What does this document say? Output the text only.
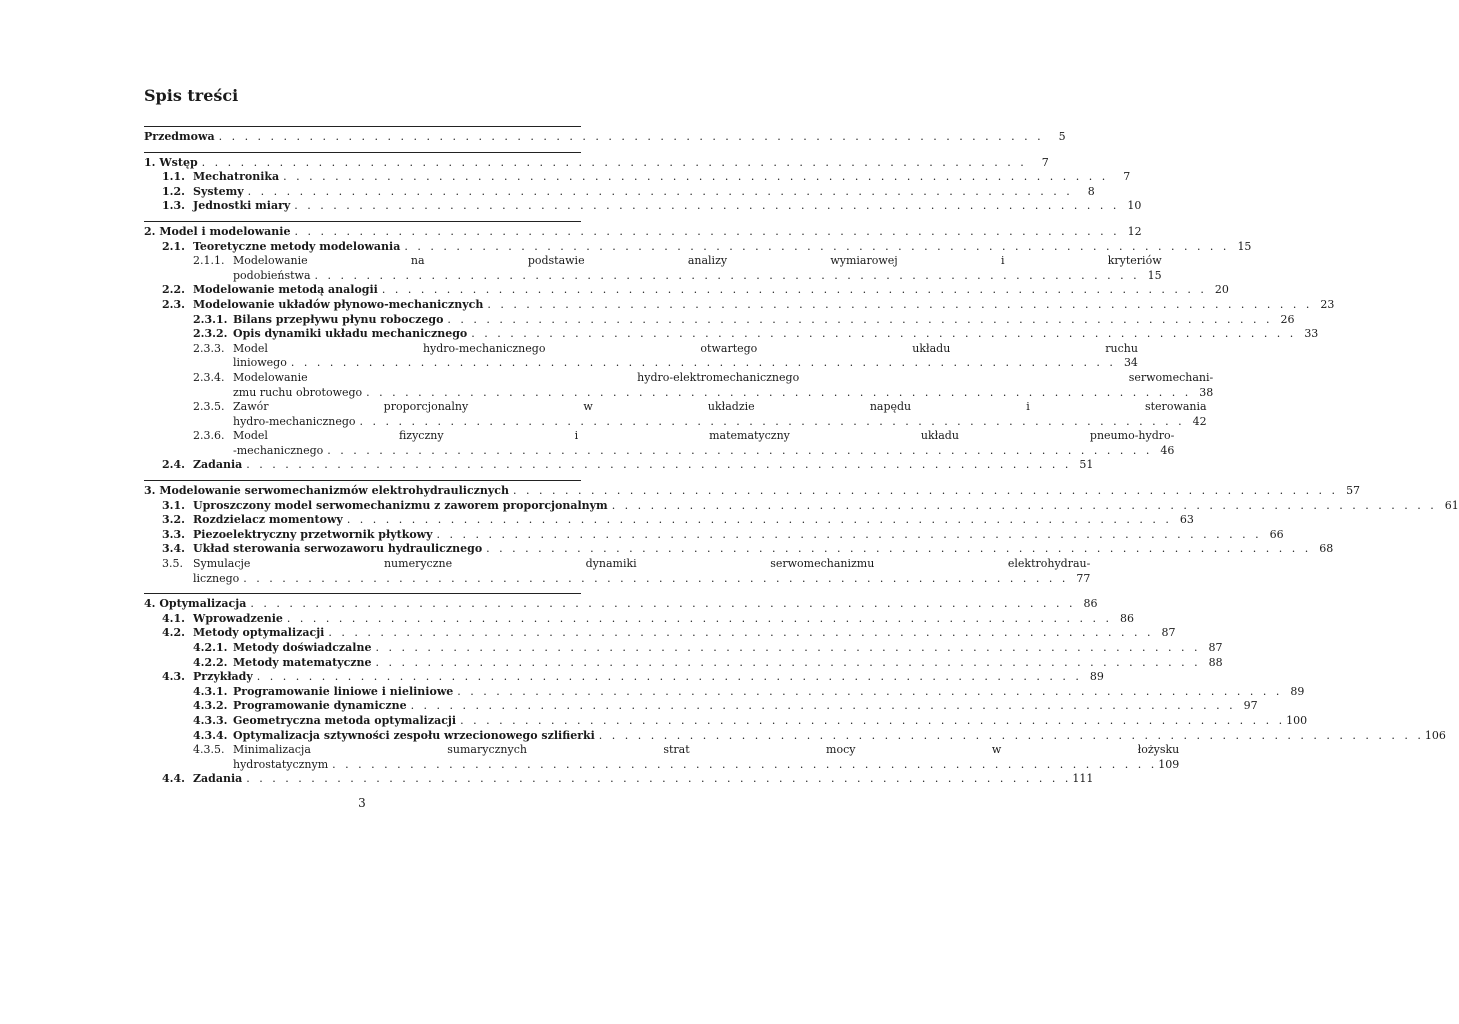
Spis treści
Przedmowa . . . . . . . . . . . . . . . . . . . . . . . . . . . . . . . . . . . . . . . . . . . . . . . . . . . . . . . . . . . . . . . .	5
1. Wstęp . . . . . . . . . . . . . . . . . . . . . . . . . . . . . . . . . . . . . . . . . . . . . . . . . . . . . . . . . . . . . . . .	7
1.1. Mechatronika . . . . . . . . . . . . . . . . . . . . . . . . . . . . . . . . . . . . . . . . . . . . . . . . . . . . . . . . . . . . . . . .	7
1.2. Systemy . . . . . . . . . . . . . . . . . . . . . . . . . . . . . . . . . . . . . . . . . . . . . . . . . . . . . . . . . . . . . . . .	8
1.3. Jednostki miary . . . . . . . . . . . . . . . . . . . . . . . . . . . . . . . . . . . . . . . . . . . . . . . . . . . . . . . . . . . . . . . . 10
2. Model i modelowanie . . . . . . . . . . . . . . . . . . . . . . . . . . . . . . . . . . . . . . . . . . . . . . . . . . . . . . . . . . . . . . . . 12
2.1. Teoretyczne metody modelowania . . . . . . . . . . . . . . . . . . . . . . . . . . . . . . . . . . . . . . . . . . . . . . . . . . . . . . . . . . . . . . . . 15
2.1.1. Modelowanie na podstawie analizy wymiarowej i kryteriów
podobieństwa . . . . . . . . . . . . . . . . . . . . . . . . . . . . . . . . . . . . . . . . . . . . . . . . . . . . . . . . . . . . . . . . 15
2.2. Modelowanie metodą analogii . . . . . . . . . . . . . . . . . . . . . . . . . . . . . . . . . . . . . . . . . . . . . . . . . . . . . . . . . . . . . . . . 20
2.3. Modelowanie układów płynowo-mechanicznych . . . . . . . . . . . . . . . . . . . . . . . . . . . . . . . . . . . . . . . . . . . . . . . . . . . . . . . . . . . . . . . . 23
2.3.1. Bilans przepływu płynu roboczego . . . . . . . . . . . . . . . . . . . . . . . . . . . . . . . . . . . . . . . . . . . . . . . . . . . . . . . . . . . . . . . . 26
2.3.2. Opis dynamiki układu mechanicznego . . . . . . . . . . . . . . . . . . . . . . . . . . . . . . . . . . . . . . . . . . . . . . . . . . . . . . . . . . . . . . . . 33
2.3.3. Model hydro-mechanicznego otwartego układu ruchu
liniowego . . . . . . . . . . . . . . . . . . . . . . . . . . . . . . . . . . . . . . . . . . . . . . . . . . . . . . . . . . . . . . . . 34
2.3.4. Modelowanie hydro-elektromechanicznego serwomechani-
zmu ruchu obrotowego . . . . . . . . . . . . . . . . . . . . . . . . . . . . . . . . . . . . . . . . . . . . . . . . . . . . . . . . . . . . . . . . 38
2.3.5. Zawór proporcjonalny w układzie napędu i sterowania
hydro-mechanicznego . . . . . . . . . . . . . . . . . . . . . . . . . . . . . . . . . . . . . . . . . . . . . . . . . . . . . . . . . . . . . . . . 42
2.3.6. Model fizyczny i matematyczny układu pneumo-hydro-
-mechanicznego . . . . . . . . . . . . . . . . . . . . . . . . . . . . . . . . . . . . . . . . . . . . . . . . . . . . . . . . . . . . . . . . 46
2.4. Zadania . . . . . . . . . . . . . . . . . . . . . . . . . . . . . . . . . . . . . . . . . . . . . . . . . . . . . . . . . . . . . . . . 51
3. Modelowanie serwomechanizmów elektrohydraulicznych . . . . . . . . . . . . . . . . . . . . . . . . . . . . . . . . . . . . . . . . . . . . . . . . . . . . . . . . . . . . . . . . 57
3.1. Uproszczony model serwomechanizmu z zaworem proporcjonalnym . . . . . . . . . . . . . . . . . . . . . . . . . . . . . . . . . . . . . . . . . . . . . . . . . . . . . . . . . . . . . . . . 61
3.2. Rozdzielacz momentowy . . . . . . . . . . . . . . . . . . . . . . . . . . . . . . . . . . . . . . . . . . . . . . . . . . . . . . . . . . . . . . . . 63
3.3. Piezoelektryczny przetwornik płytkowy . . . . . . . . . . . . . . . . . . . . . . . . . . . . . . . . . . . . . . . . . . . . . . . . . . . . . . . . . . . . . . . . 66
3.4. Układ sterowania serwozaworu hydraulicznego . . . . . . . . . . . . . . . . . . . . . . . . . . . . . . . . . . . . . . . . . . . . . . . . . . . . . . . . . . . . . . . . 68
3.5. Symulacje numeryczne dynamiki serwomechanizmu elektrohydrau-
licznego . . . . . . . . . . . . . . . . . . . . . . . . . . . . . . . . . . . . . . . . . . . . . . . . . . . . . . . . . . . . . . . . 77
4. Optymalizacja . . . . . . . . . . . . . . . . . . . . . . . . . . . . . . . . . . . . . . . . . . . . . . . . . . . . . . . . . . . . . . . . 86
4.1. Wprowadzenie . . . . . . . . . . . . . . . . . . . . . . . . . . . . . . . . . . . . . . . . . . . . . . . . . . . . . . . . . . . . . . . . 86
4.2. Metody optymalizacji . . . . . . . . . . . . . . . . . . . . . . . . . . . . . . . . . . . . . . . . . . . . . . . . . . . . . . . . . . . . . . . . 87
4.2.1. Metody doświadczalne . . . . . . . . . . . . . . . . . . . . . . . . . . . . . . . . . . . . . . . . . . . . . . . . . . . . . . . . . . . . . . . . 87
4.2.2. Metody matematyczne . . . . . . . . . . . . . . . . . . . . . . . . . . . . . . . . . . . . . . . . . . . . . . . . . . . . . . . . . . . . . . . . 88
4.3. Przykłady . . . . . . . . . . . . . . . . . . . . . . . . . . . . . . . . . . . . . . . . . . . . . . . . . . . . . . . . . . . . . . . . 89
4.3.1. Programowanie liniowe i nieliniowe . . . . . . . . . . . . . . . . . . . . . . . . . . . . . . . . . . . . . . . . . . . . . . . . . . . . . . . . . . . . . . . . 89
4.3.2. Programowanie dynamiczne . . . . . . . . . . . . . . . . . . . . . . . . . . . . . . . . . . . . . . . . . . . . . . . . . . . . . . . . . . . . . . . . 97
4.3.3. Geometryczna metoda optymalizacji . . . . . . . . . . . . . . . . . . . . . . . . . . . . . . . . . . . . . . . . . . . . . . . . . . . . . . . . . . . . . . . . 100
4.3.4. Optymalizacja sztywności zespołu wrzecionowego szlifierki . . . . . . . . . . . . . . . . . . . . . . . . . . . . . . . . . . . . . . . . . . . . . . . . . . . . . . . . . . . . . . . . 106
4.3.5. Minimalizacja sumarycznych strat mocy w łożysku
hydrostatycznym . . . . . . . . . . . . . . . . . . . . . . . . . . . . . . . . . . . . . . . . . . . . . . . . . . . . . . . . . . . . . . . . 109
4.4. Zadania . . . . . . . . . . . . . . . . . . . . . . . . . . . . . . . . . . . . . . . . . . . . . . . . . . . . . . . . . . . . . . . . 111
3
